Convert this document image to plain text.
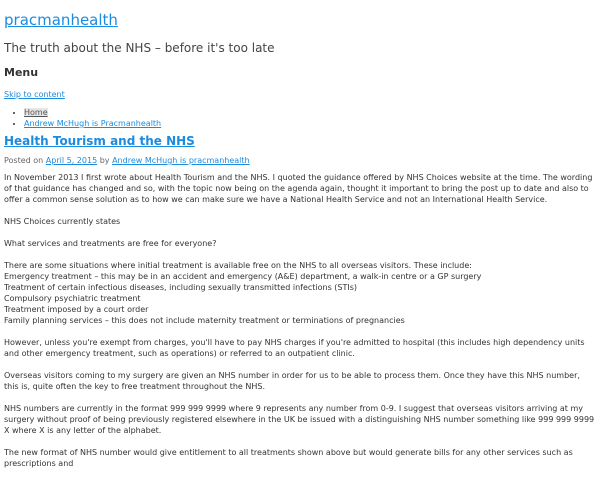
pracmanhealth
The truth about the NHS – before it's too late
Menu
Skip to content
• Home
• Andrew McHugh is Pracmanhealth
Health Tourism and the NHS
Posted on April 5, 2015 by Andrew McHugh is pracmanhealth

In November 2013 I first wrote about Health Tourism and the NHS. I quoted the guidance offered by NHS Choices website at the time. The wording of that guidance has changed and so, with the topic now being on the agenda again, thought it important to bring the post up to date and also to offer a common sense solution as to how we can make sure we have a National Health Service and not an International Health Service.

NHS Choices currently states

What services and treatments are free for everyone?

There are some situations where initial treatment is available free on the NHS to all overseas visitors. These include:
Emergency treatment – this may be in an accident and emergency (A&E) department, a walk-in centre or a GP surgery
Treatment of certain infectious diseases, including sexually transmitted infections (STIs)
Compulsory psychiatric treatment
Treatment imposed by a court order
Family planning services – this does not include maternity treatment or terminations of pregnancies

However, unless you're exempt from charges, you'll have to pay NHS charges if you're admitted to hospital (this includes high dependency units and other emergency treatment, such as operations) or referred to an outpatient clinic.

Overseas visitors coming to my surgery are given an NHS number in order for us to be able to process them. Once they have this NHS number, this is, quite often the key to free treatment throughout the NHS.

NHS numbers are currently in the format 999 999 9999 where 9 represents any number from 0-9. I suggest that overseas visitors arriving at my surgery without proof of being previously registered elsewhere in the UK be issued with a distinguishing NHS number something like 999 999 9999 X where X is any letter of the alphabet.

The new format of NHS number would give entitlement to all treatments shown above but would generate bills for any other services such as prescriptions and
